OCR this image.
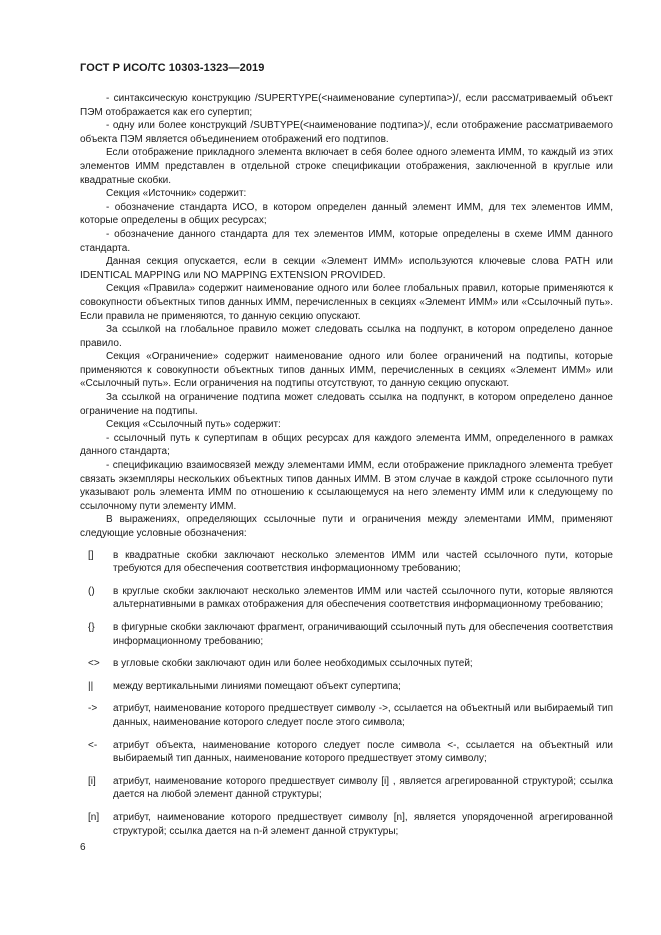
ГОСТ Р ИСО/ТС 10303-1323—2019

- синтаксическую конструкцию /SUPERTYPE(<наименование супертипа>)/, если рассматриваемый объект ПЭМ отображается как его супертип;

- одну или более конструкций /SUBTYPE(<наименование подтипа>)/, если отображение рассматриваемого объекта ПЭМ является объединением отображений его подтипов.

Если отображение прикладного элемента включает в себя более одного элемента ИММ, то каждый из этих элементов ИММ представлен в отдельной строке спецификации отображения, заключенной в круглые или квадратные скобки.

Секция «Источник» содержит:

- обозначение стандарта ИСО, в котором определен данный элемент ИММ, для тех элементов ИММ, которые определены в общих ресурсах;

- обозначение данного стандарта для тех элементов ИММ, которые определены в схеме ИММ данного стандарта.

Данная секция опускается, если в секции «Элемент ИММ» используются ключевые слова PATH или IDENTICAL MAPPING или NO MAPPING EXTENSION PROVIDED.

Секция «Правила» содержит наименование одного или более глобальных правил, которые применяются к совокупности объектных типов данных ИММ, перечисленных в секциях «Элемент ИММ» или «Ссылочный путь». Если правила не применяются, то данную секцию опускают.

За ссылкой на глобальное правило может следовать ссылка на подпункт, в котором определено данное правило.

Секция «Ограничение» содержит наименование одного или более ограничений на подтипы, которые применяются к совокупности объектных типов данных ИММ, перечисленных в секциях «Элемент ИММ» или «Ссылочный путь». Если ограничения на подтипы отсутствуют, то данную секцию опускают.

За ссылкой на ограничение подтипа может следовать ссылка на подпункт, в котором определено данное ограничение на подтипы.

Секция «Ссылочный путь» содержит:

- ссылочный путь к супертипам в общих ресурсах для каждого элемента ИММ, определенного в рамках данного стандарта;

- спецификацию взаимосвязей между элементами ИММ, если отображение прикладного элемента требует связать экземпляры нескольких объектных типов данных ИММ. В этом случае в каждой строке ссылочного пути указывают роль элемента ИММ по отношению к ссылающемуся на него элементу ИММ или к следующему по ссылочному пути элементу ИММ.

В выражениях, определяющих ссылочные пути и ограничения между элементами ИММ, применяют следующие условные обозначения:

[]	в квадратные скобки заключают несколько элементов ИММ или частей ссылочного пути, которые требуются для обеспечения соответствия информационному требованию;
()	в круглые скобки заключают несколько элементов ИММ или частей ссылочного пути, которые являются альтернативными в рамках отображения для обеспечения соответствия информационному требованию;
{}	в фигурные скобки заключают фрагмент, ограничивающий ссылочный путь для обеспечения соответствия информационному требованию;
<>	в угловые скобки заключают один или более необходимых ссылочных путей;
||	между вертикальными линиями помещают объект супертипа;
->	атрибут, наименование которого предшествует символу ->, ссылается на объектный или выбираемый тип данных, наименование которого следует после этого символа;
<-	атрибут объекта, наименование которого следует после символа <-, ссылается на объектный или выбираемый тип данных, наименование которого предшествует этому символу;
[i]	атрибут, наименование которого предшествует символу [i] , является агрегированной структурой; ссылка дается на любой элемент данной структуры;
[n]	атрибут, наименование которого предшествует символу [n], является упорядоченной агрегированной структурой; ссылка дается на n-й элемент данной структуры;
6
